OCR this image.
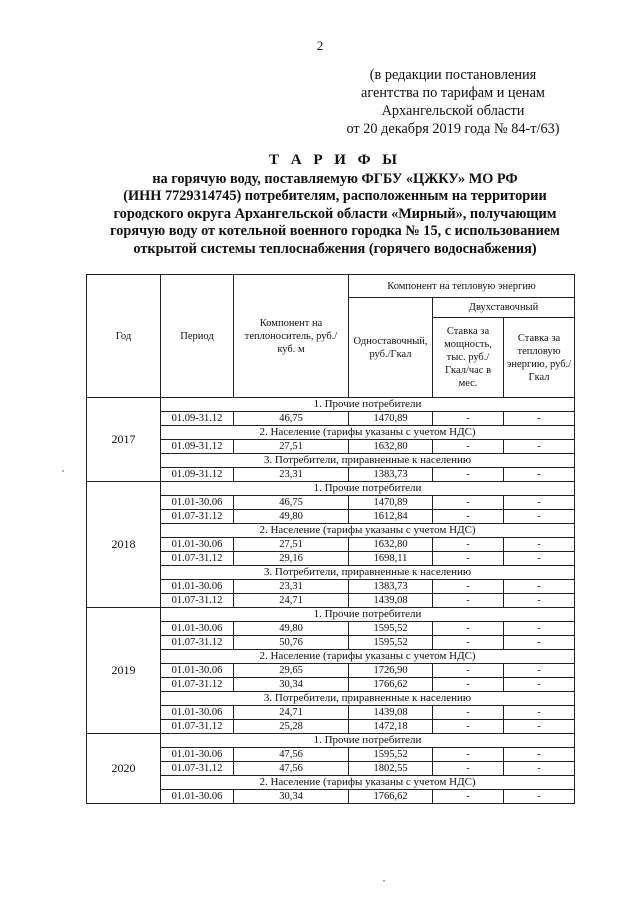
2
(в редакции постановления
агентства по тарифам и ценам
Архангельской области
от 20 декабря 2019 года № 84-т/63)
Т А Р И Ф Ы
на горячую воду, поставляемую ФГБУ «ЦЖКУ» МО РФ
(ИНН 7729314745) потребителям, расположенным на территории
городского округа Архангельской области «Мирный», получающим
горячую воду от котельной военного городка № 15, с использованием
открытой системы теплоснабжения (горячего водоснабжения)
Год	Период	Компонент на теплоноситель, руб./куб. м	Компонент на тепловую энергию		
			Одноставочный, руб./Гкал	Двухставочный	
				Ставка за мощность, тыс. руб./ Гкал/час в мес.	Ставка за тепловую энергию, руб./Гкал
2017	1. Прочие потребители				
	01.09-31.12	46,75	1470,89	-	-
	2. Население (тарифы указаны с учетом НДС)				
	01.09-31.12	27,51	1632,80	-	-
	3. Потребители, приравненные к населению				
	01.09-31.12	23,31	1383,73	-	-
2018	1. Прочие потребители				
	01.01-30.06	46,75	1470,89	-	-
	01.07-31.12	49,80	1612,84	-	-
	2. Население (тарифы указаны с учетом НДС)				
	01.01-30.06	27,51	1632,80	-	-
	01.07-31.12	29,16	1698,11	-	-
	3. Потребители, приравненные к населению				
	01.01-30.06	23,31	1383,73	-	-
	01.07-31.12	24,71	1439,08	-	-
2019	1. Прочие потребители				
	01.01-30.06	49,80	1595,52	-	-
	01.07-31.12	50,76	1595,52	-	-
	2. Население (тарифы указаны с учетом НДС)				
	01.01-30.06	29,65	1726,90	-	-
	01.07-31.12	30,34	1766,62	-	-
	3. Потребители, приравненные к населению				
	01.01-30.06	24,71	1439,08	-	-
	01.07-31.12	25,28	1472,18	-	-
2020	1. Прочие потребители				
	01.01-30.06	47,56	1595,52	-	-
	01.07-31.12	47,56	1802,55	-	-
	2. Население (тарифы указаны с учетом НДС)				
	01.01-30.06	30,34	1766,62	-	-
